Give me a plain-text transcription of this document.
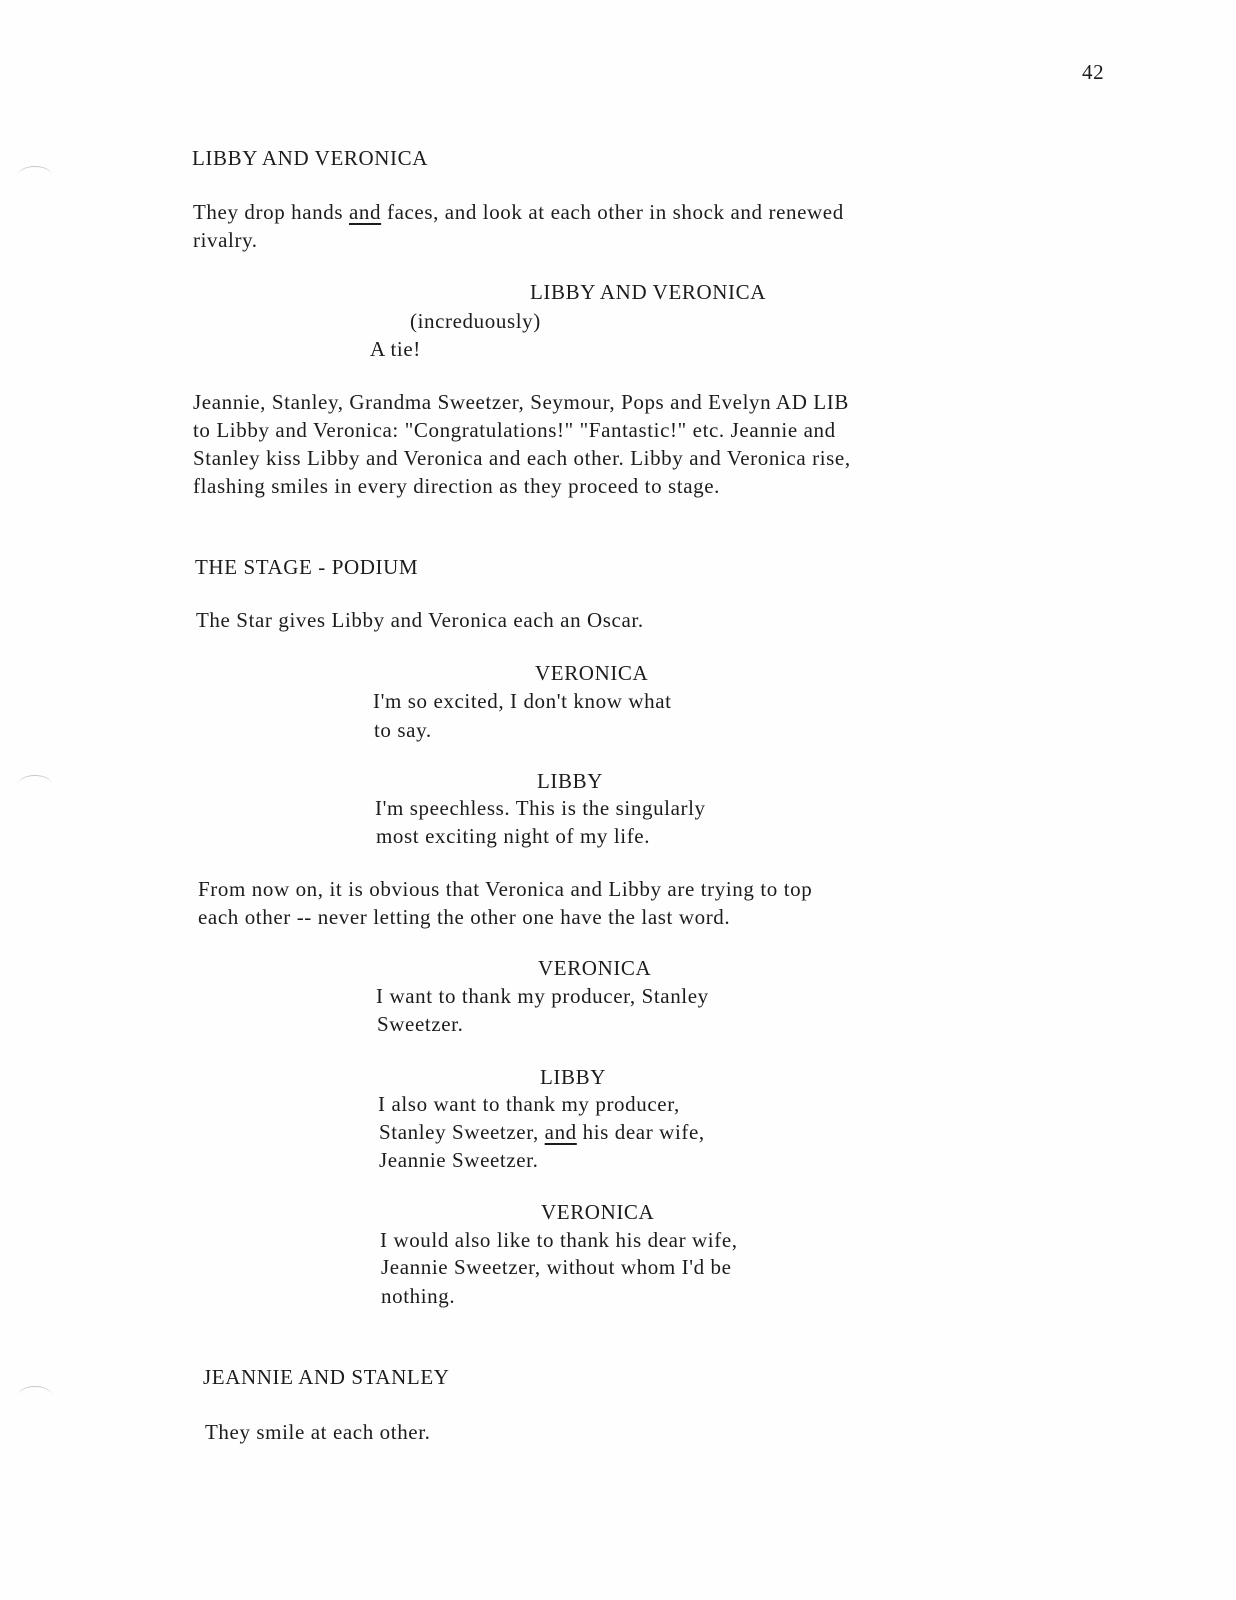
42
LIBBY AND VERONICA
They drop hands and faces, and look at each other in shock and renewed
rivalry.
LIBBY AND VERONICA
(increduously)
A tie!
Jeannie, Stanley, Grandma Sweetzer, Seymour, Pops and Evelyn AD LIB
to Libby and Veronica: "Congratulations!" "Fantastic!" etc. Jeannie and
Stanley kiss Libby and Veronica and each other. Libby and Veronica rise,
flashing smiles in every direction as they proceed to stage.
THE STAGE - PODIUM
The Star gives Libby and Veronica each an Oscar.
VERONICA
I'm so excited, I don't know what
to say.
LIBBY
I'm speechless. This is the singularly
most exciting night of my life.
From now on, it is obvious that Veronica and Libby are trying to top
each other -- never letting the other one have the last word.
VERONICA
I want to thank my producer, Stanley
Sweetzer.
LIBBY
I also want to thank my producer,
Stanley Sweetzer, and his dear wife,
Jeannie Sweetzer.
VERONICA
I would also like to thank his dear wife,
Jeannie Sweetzer, without whom I'd be
nothing.
JEANNIE AND STANLEY
They smile at each other.
